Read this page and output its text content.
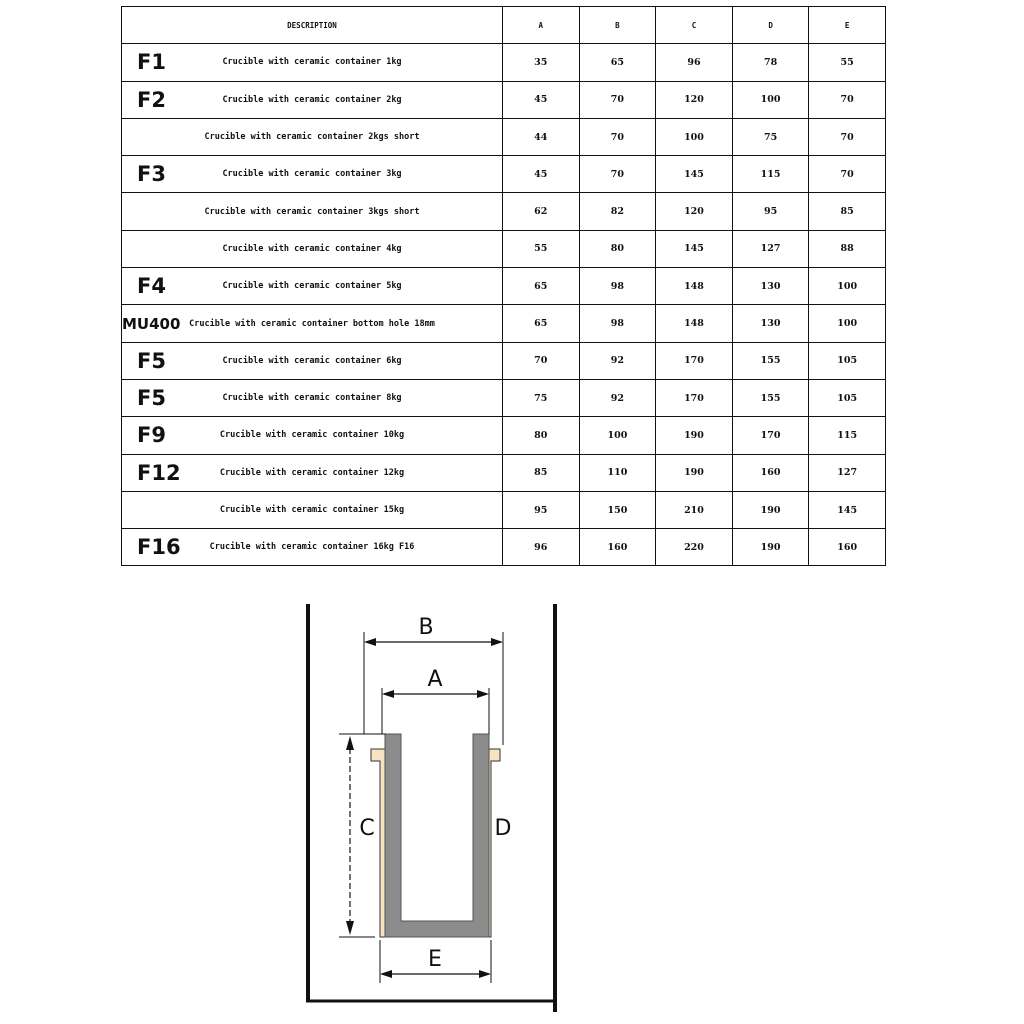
DESCRIPTION	A	B	C	D	E

F1 Crucible with ceramic container 1kg	35	65	96	78	55

F2 Crucible with ceramic container 2kg	45	70	120	100	70

Crucible with ceramic container 2kgs short	44	70	100	75	70

F3 Crucible with ceramic container 3kg	45	70	145	115	70

Crucible with ceramic container 3kgs short	62	82	120	95	85

Crucible with ceramic container 4kg	55	80	145	127	88

F4 Crucible with ceramic container 5kg	65	98	148	130	100

MU400 Crucible with ceramic container bottom hole 18mm	65	98	148	130	100

F5 Crucible with ceramic container 6kg	70	92	170	155	105

F5 Crucible with ceramic container 8kg	75	92	170	155	105

F9 Crucible with ceramic container 10kg	80	100	190	170	115

F12 Crucible with ceramic container 12kg	85	110	190	160	127

Crucible with ceramic container 15kg	95	150	210	190	145

F16 Crucible with ceramic container 16kg F16	96	160	220	190	160
B
A
C	D
E
